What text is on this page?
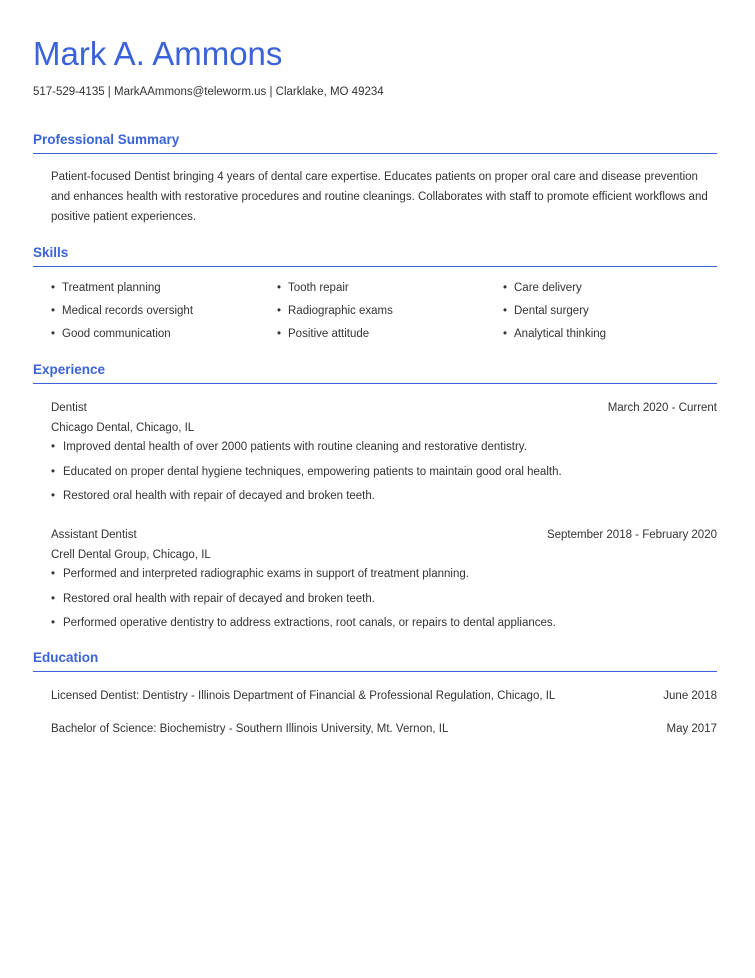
Mark A. Ammons
517-529-4135 | MarkAAmmons@teleworm.us | Clarklake, MO 49234
Professional Summary
Patient-focused Dentist bringing 4 years of dental care expertise. Educates patients on proper oral care and disease prevention and enhances health with restorative procedures and routine cleanings. Collaborates with staff to promote efficient workflows and positive patient experiences.
Skills
• Treatment planning	• Tooth repair	• Care delivery
• Medical records oversight	• Radiographic exams	• Dental surgery
• Good communication	• Positive attitude	• Analytical thinking
Experience
Dentist	March 2020 - Current
Chicago Dental, Chicago, IL
• Improved dental health of over 2000 patients with routine cleaning and restorative dentistry.
• Educated on proper dental hygiene techniques, empowering patients to maintain good oral health.
• Restored oral health with repair of decayed and broken teeth.
Assistant Dentist	September 2018 - February 2020
Crell Dental Group, Chicago, IL
• Performed and interpreted radiographic exams in support of treatment planning.
• Restored oral health with repair of decayed and broken teeth.
• Performed operative dentistry to address extractions, root canals, or repairs to dental appliances.
Education
Licensed Dentist: Dentistry - Illinois Department of Financial & Professional Regulation, Chicago, IL	June 2018
Bachelor of Science: Biochemistry - Southern Illinois University, Mt. Vernon, IL	May 2017
